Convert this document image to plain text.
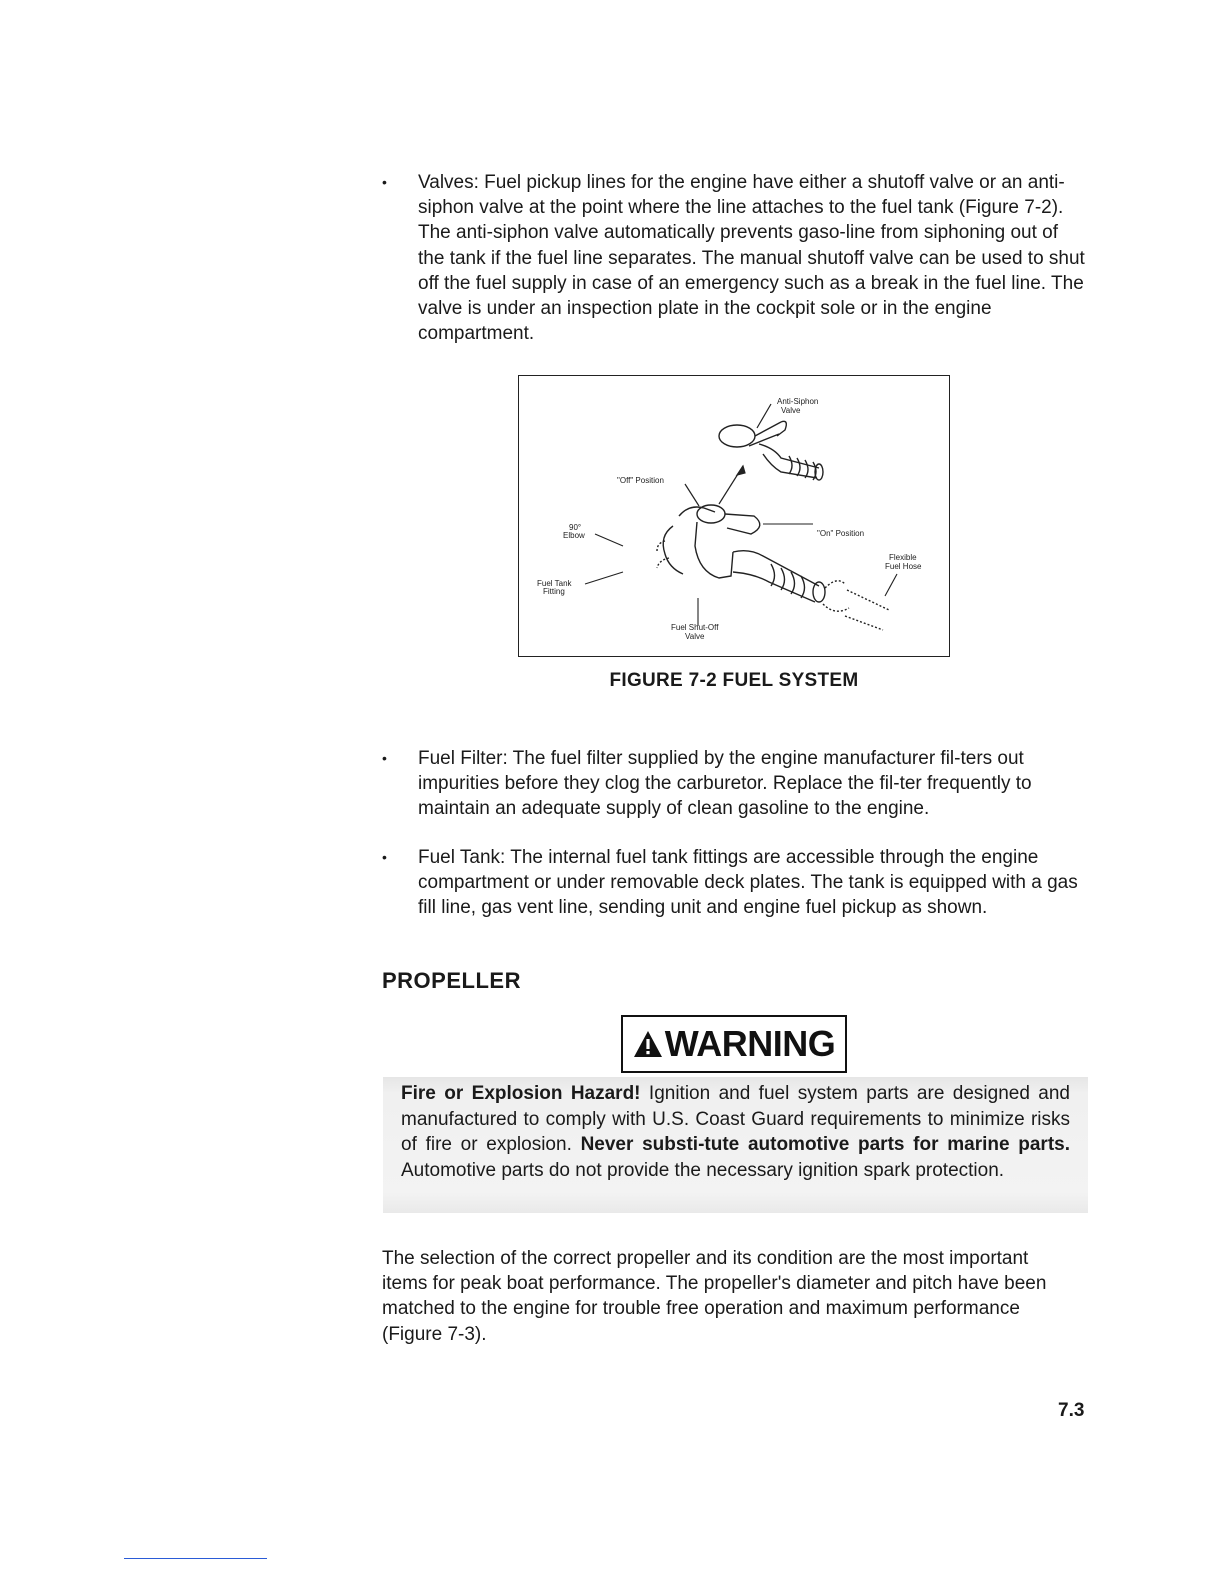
•	Valves: Fuel pickup lines for the engine have either a shutoff valve or an anti-siphon valve at the point where the line attaches to the fuel tank (Figure 7-2). The anti-siphon valve automatically prevents gaso-line from siphoning out of the tank if the fuel line separates. The manual shutoff valve can be used to shut off the fuel supply in case of an emergency such as a break in the fuel line. The valve is under an inspection plate in the cockpit sole or in the engine compartment.
Anti-Siphon
Valve
"Off" Position
90°
Elbow	"On" Position
Flexible
Fuel Hose
Fuel Tank
Fitting
Fuel Shut-Off
Valve
FIGURE 7-2 FUEL SYSTEM
•	Fuel Filter: The fuel filter supplied by the engine manufacturer fil-ters out impurities before they clog the carburetor. Replace the fil-ter frequently to maintain an adequate supply of clean gasoline to the engine.
•	Fuel Tank: The internal fuel tank fittings are accessible through the engine compartment or under removable deck plates. The tank is equipped with a gas fill line, gas vent line, sending unit and engine fuel pickup as shown.
PROPELLER
WARNING

Fire or Explosion Hazard! Ignition and fuel system parts are designed and manufactured to comply with U.S. Coast Guard requirements to minimize risks of fire or explosion. Never substi-tute automotive parts for marine parts. Automotive parts do not provide the necessary ignition spark protection.

The selection of the correct propeller and its condition are the most important items for peak boat performance. The propeller's diameter and pitch have been matched to the engine for trouble free operation and maximum performance (Figure 7-3).

7.3
